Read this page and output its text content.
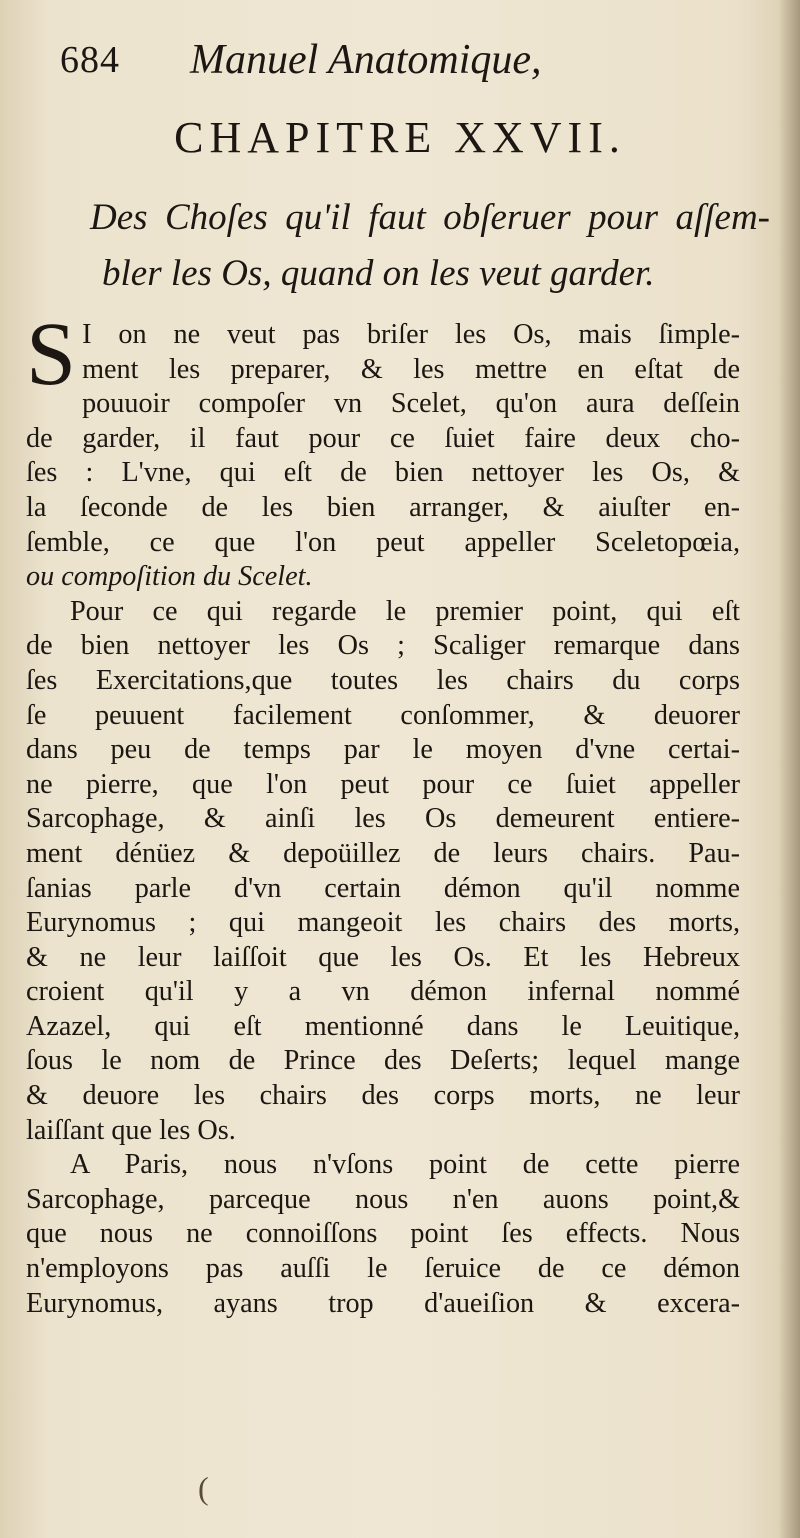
684 Manuel Anatomique,
CHAPITRE XXVII.
Des Choſes qu'il faut obſeruer pour aſſem-
bler les Os, quand on les veut garder.
S I on ne veut pas briſer les Os, mais ſimple-
ment les preparer, & les mettre en eſtat de
pouuoir compoſer vn Scelet, qu'on aura deſſein
de garder, il faut pour ce ſuiet faire deux cho-
ſes : L'vne, qui eſt de bien nettoyer les Os, &
la ſeconde de les bien arranger, & aiuſter en-
ſemble, ce que l'on peut appeller Sceletopœia,
ou compoſition du Scelet.
Pour ce qui regarde le premier point, qui eſt
de bien nettoyer les Os ; Scaliger remarque dans
ſes Exercitations,que toutes les chairs du corps
ſe peuuent facilement conſommer, & deuorer
dans peu de temps par le moyen d'vne certai-
ne pierre, que l'on peut pour ce ſuiet appeller
Sarcophage, & ainſi les Os demeurent entiere-
ment dénüez & depoüillez de leurs chairs. Pau-
ſanias parle d'vn certain démon qu'il nomme
Eurynomus ; qui mangeoit les chairs des morts,
& ne leur laiſſoit que les Os. Et les Hebreux
croient qu'il y a vn démon infernal nommé
Azazel, qui eſt mentionné dans le Leuitique,
ſous le nom de Prince des Deſerts; lequel mange
& deuore les chairs des corps morts, ne leur
laiſſant que les Os.
A Paris, nous n'vſons point de cette pierre
Sarcophage, parceque nous n'en auons point,&
que nous ne connoiſſons point ſes effects. Nous
n'employons pas auſſi le ſeruice de ce démon
Eurynomus, ayans trop d'aueiſion & excera-
(
